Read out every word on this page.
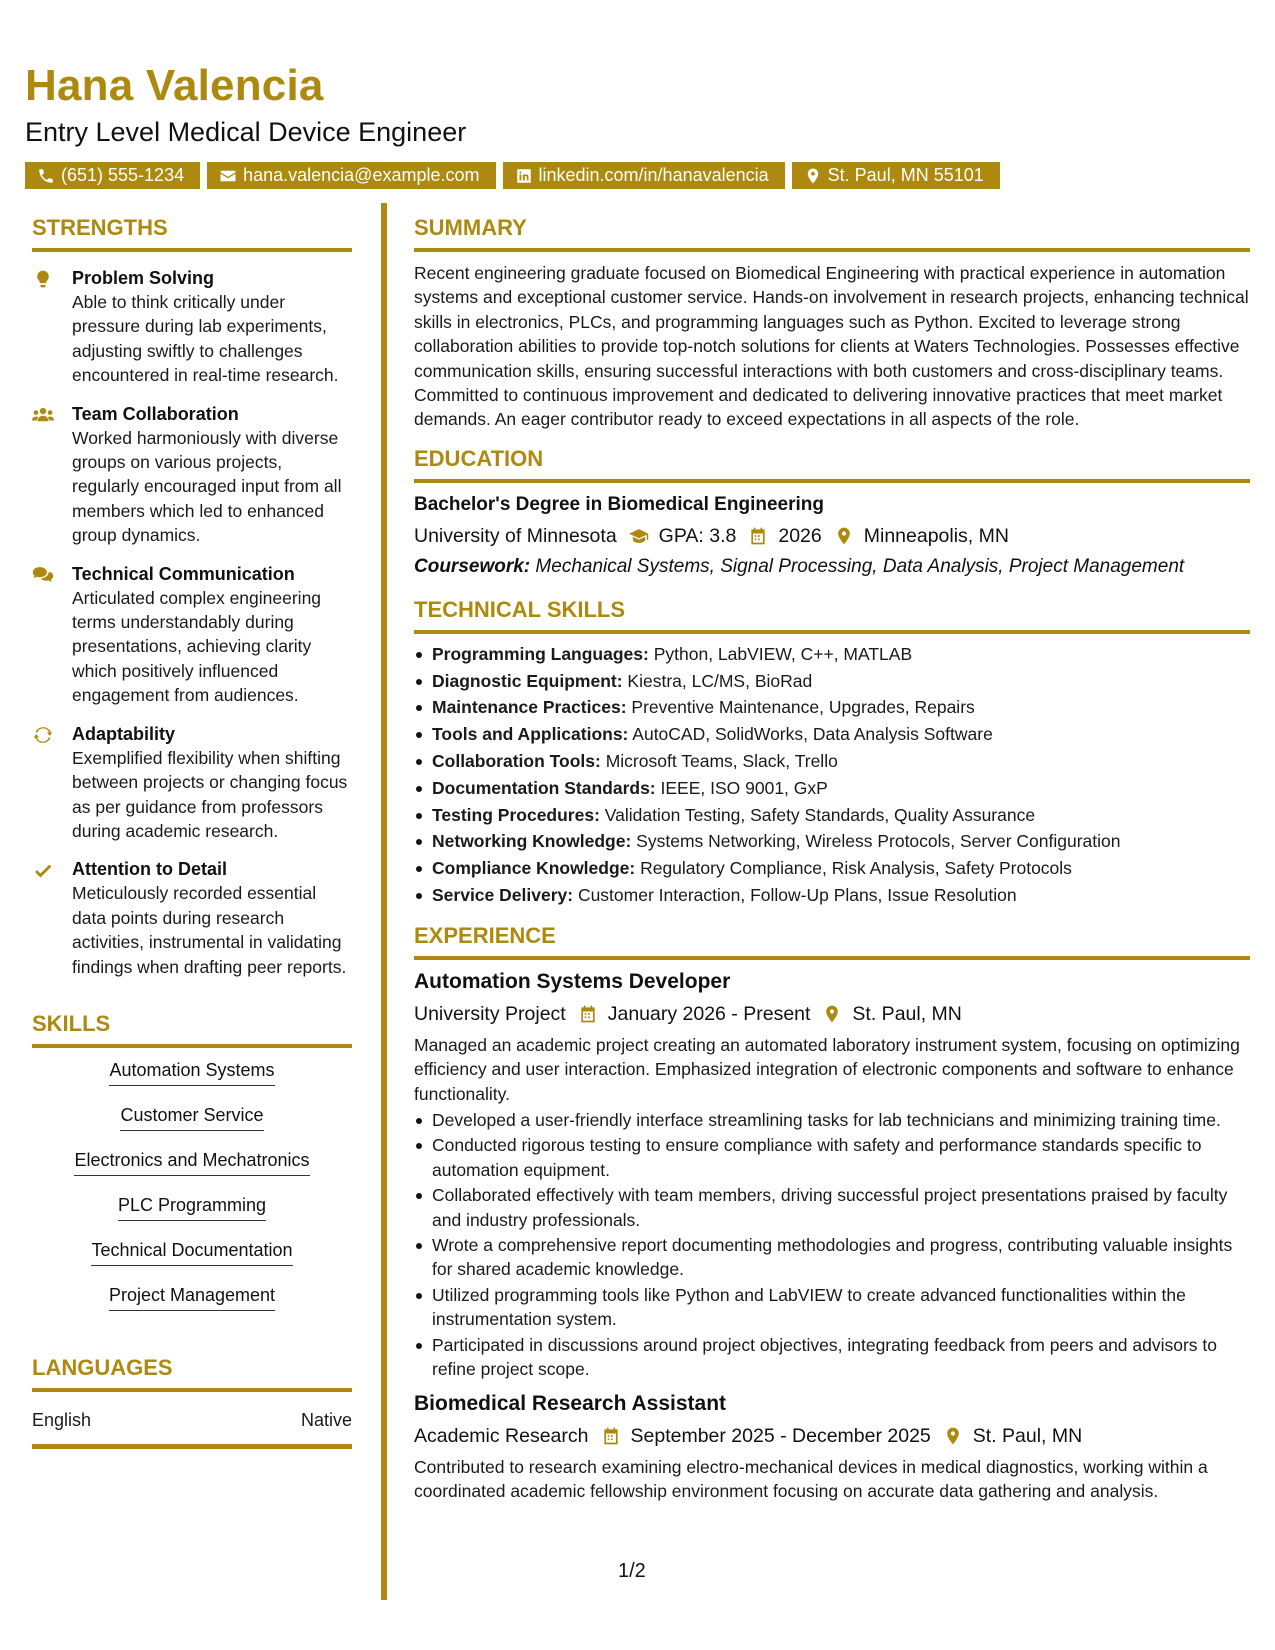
Hana Valencia
Entry Level Medical Device Engineer
(651) 555-1234	hana.valencia@example.com	linkedin.com/in/hanavalencia	St. Paul, MN 55101
STRENGTHS
Problem Solving
Able to think critically under pressure during lab experiments, adjusting swiftly to challenges encountered in real-time research.
Team Collaboration
Worked harmoniously with diverse groups on various projects, regularly encouraged input from all members which led to enhanced group dynamics.
Technical Communication
Articulated complex engineering terms understandably during presentations, achieving clarity which positively influenced engagement from audiences.
Adaptability
Exemplified flexibility when shifting between projects or changing focus as per guidance from professors during academic research.
Attention to Detail
Meticulously recorded essential data points during research activities, instrumental in validating findings when drafting peer reports.
SKILLS
Automation Systems
Customer Service
Electronics and Mechatronics
PLC Programming
Technical Documentation
Project Management
LANGUAGES
English	Native
SUMMARY
Recent engineering graduate focused on Biomedical Engineering with practical experience in automation systems and exceptional customer service. Hands-on involvement in research projects, enhancing technical skills in electronics, PLCs, and programming languages such as Python. Excited to leverage strong collaboration abilities to provide top-notch solutions for clients at Waters Technologies. Possesses effective communication skills, ensuring successful interactions with both customers and cross-disciplinary teams. Committed to continuous improvement and dedicated to delivering innovative practices that meet market demands. An eager contributor ready to exceed expectations in all aspects of the role.
EDUCATION
Bachelor's Degree in Biomedical Engineering
University of Minnesota GPA: 3.8 2026 Minneapolis, MN
Coursework: Mechanical Systems, Signal Processing, Data Analysis, Project Management
TECHNICAL SKILLS
Programming Languages: Python, LabVIEW, C++, MATLAB
Diagnostic Equipment: Kiestra, LC/MS, BioRad
Maintenance Practices: Preventive Maintenance, Upgrades, Repairs
Tools and Applications: AutoCAD, SolidWorks, Data Analysis Software
Collaboration Tools: Microsoft Teams, Slack, Trello
Documentation Standards: IEEE, ISO 9001, GxP
Testing Procedures: Validation Testing, Safety Standards, Quality Assurance
Networking Knowledge: Systems Networking, Wireless Protocols, Server Configuration
Compliance Knowledge: Regulatory Compliance, Risk Analysis, Safety Protocols
Service Delivery: Customer Interaction, Follow-Up Plans, Issue Resolution
EXPERIENCE
Automation Systems Developer
University Project January 2026 - Present St. Paul, MN
Managed an academic project creating an automated laboratory instrument system, focusing on optimizing efficiency and user interaction. Emphasized integration of electronic components and software to enhance functionality.
Developed a user-friendly interface streamlining tasks for lab technicians and minimizing training time.
Conducted rigorous testing to ensure compliance with safety and performance standards specific to automation equipment.
Collaborated effectively with team members, driving successful project presentations praised by faculty and industry professionals.
Wrote a comprehensive report documenting methodologies and progress, contributing valuable insights for shared academic knowledge.
Utilized programming tools like Python and LabVIEW to create advanced functionalities within the instrumentation system.
Participated in discussions around project objectives, integrating feedback from peers and advisors to refine project scope.
Biomedical Research Assistant
Academic Research September 2025 - December 2025 St. Paul, MN
Contributed to research examining electro-mechanical devices in medical diagnostics, working within a coordinated academic fellowship environment focusing on accurate data gathering and analysis.
1/2
